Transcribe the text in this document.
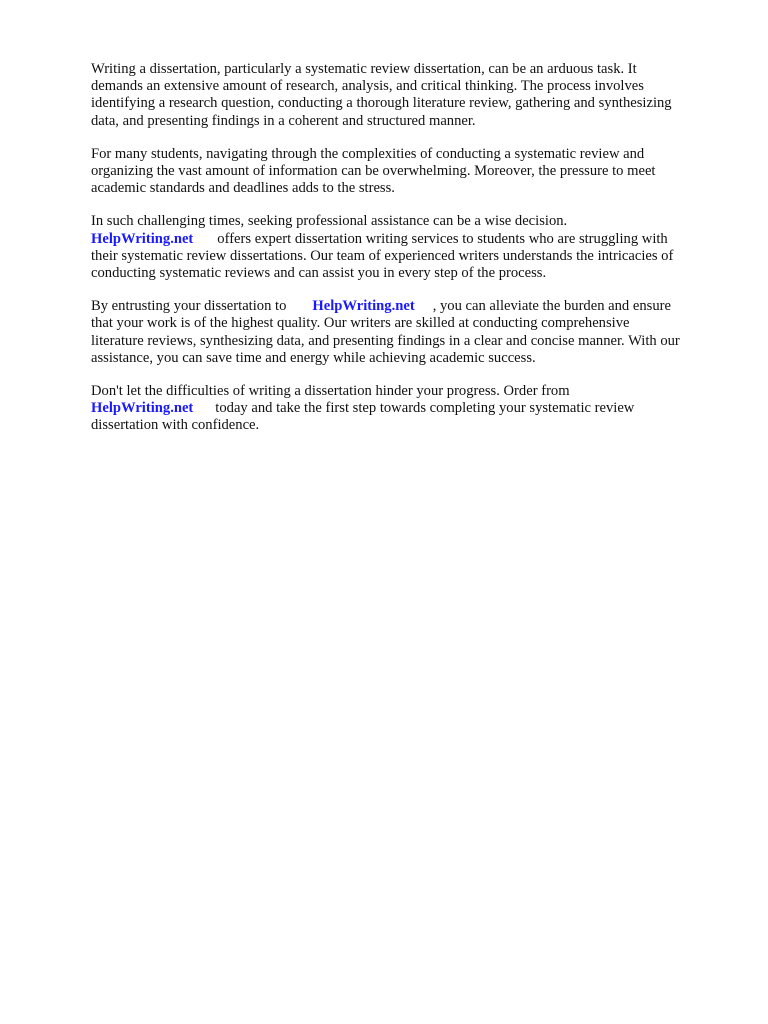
Writing a dissertation, particularly a systematic review dissertation, can be an arduous task. It
demands an extensive amount of research, analysis, and critical thinking. The process involves
identifying a research question, conducting a thorough literature review, gathering and synthesizing
data, and presenting findings in a coherent and structured manner.

For many students, navigating through the complexities of conducting a systematic review and
organizing the vast amount of information can be overwhelming. Moreover, the pressure to meet
academic standards and deadlines adds to the stress.

In such challenging times, seeking professional assistance can be a wise decision.
HelpWriting.net offers expert dissertation writing services to students who are struggling with
their systematic review dissertations. Our team of experienced writers understands the intricacies of
conducting systematic reviews and can assist you in every step of the process.

By entrusting your dissertation to HelpWriting.net , you can alleviate the burden and ensure
that your work is of the highest quality. Our writers are skilled at conducting comprehensive
literature reviews, synthesizing data, and presenting findings in a clear and concise manner. With our
assistance, you can save time and energy while achieving academic success.

Don't let the difficulties of writing a dissertation hinder your progress. Order from
HelpWriting.net today and take the first step towards completing your systematic review
dissertation with confidence.
